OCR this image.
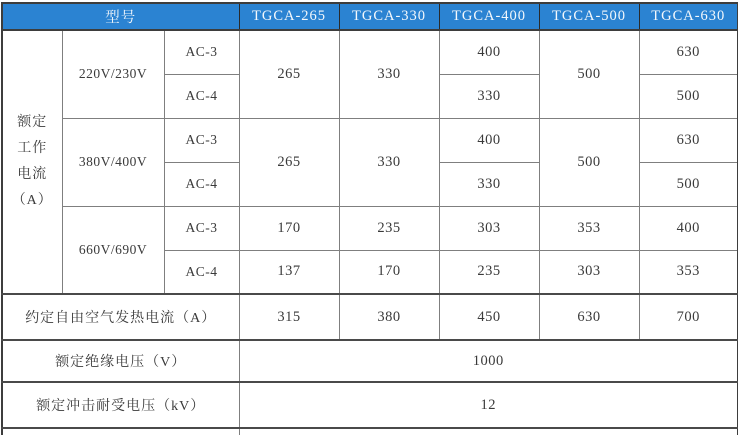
型号			TGCA-265	TGCA-330	TGCA-400	TGCA-500	TGCA-630

额定
工作
电流
（A）	220V/230V	AC-3	265	330	400	500	630
		AC-4			330		500
	380V/400V	AC-3	265	330	400	500	630
		AC-4			330		500
	660V/690V	AC-3	170	235	303	353	400
		AC-4	137	170	235	303	353
约定自由空气发热电流（A）			315	380	450	630	700
额定绝缘电压（V）			1000				
额定冲击耐受电压（kV）			12				
